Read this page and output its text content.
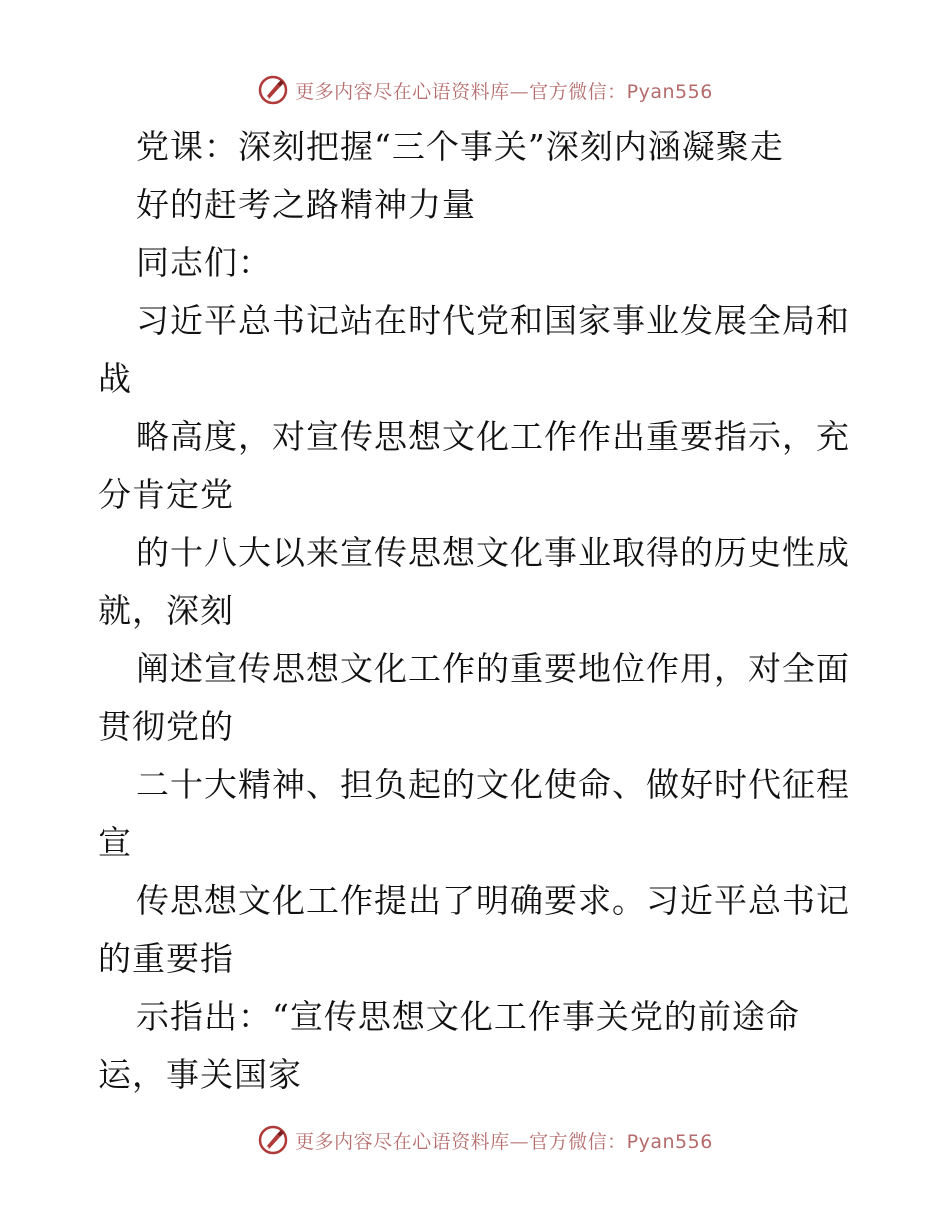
更多内容尽在心语资料库—官方微信：Pyan556
党课：深刻把握“三个事关”深刻内涵凝聚走
好的赶考之路精神力量
同志们：
习近平总书记站在时代党和国家事业发展全局和
战
略高度，对宣传思想文化工作作出重要指示，充
分肯定党
的十八大以来宣传思想文化事业取得的历史性成
就，深刻
阐述宣传思想文化工作的重要地位作用，对全面
贯彻党的
二十大精神、担负起的文化使命、做好时代征程
宣
传思想文化工作提出了明确要求。习近平总书记
的重要指
示指出：“宣传思想文化工作事关党的前途命
运，事关国家
更多内容尽在心语资料库—官方微信：Pyan556
